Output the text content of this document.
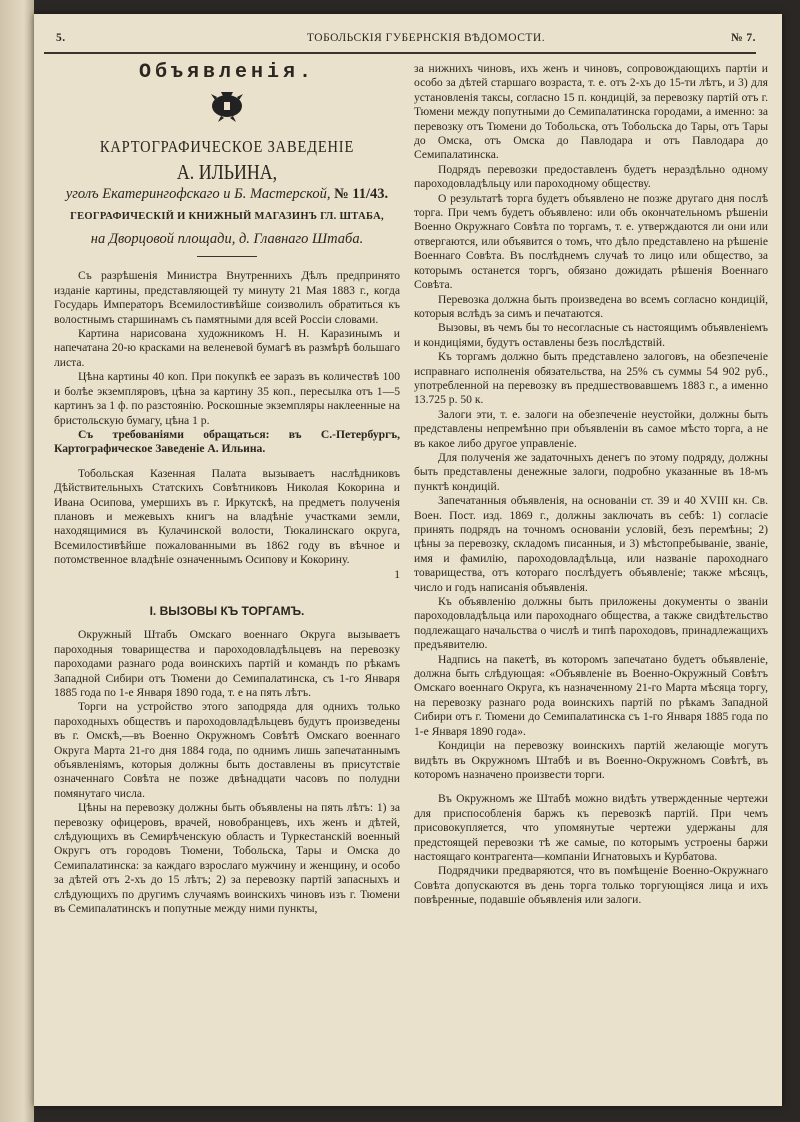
5.	ТОБОЛЬСКІЯ ГУБЕРНСКІЯ ВѢДОМОСТИ.	№ 7.
Объявленія.
КАРТОГРАФИЧЕСКОЕ ЗАВЕДЕНІЕ
А. ИЛЬИНА,
уголъ Екатерингофскаго и Б. Мастерской, № 11/43.
ГЕОГРАФИЧЕСКІЙ И КНИЖНЫЙ МАГАЗИНЪ ГЛ. ШТАБА,
на Дворцовой площади, д. Главнаго Штаба.

Съ разрѣшенія Министра Внутреннихъ Дѣлъ предпринято изданіе картины, представляющей ту минуту 21 Мая 1883 г., когда Государь Императоръ Всемилостивѣйше соизволилъ обратиться къ волостнымъ старшинамъ съ памятными для всей Россіи словами.

Картина нарисована художникомъ Н. Н. Каразинымъ и напечатана 20-ю красками на веленевой бумагѣ въ размѣрѣ большаго листа.

Цѣна картины 40 коп. При покупкѣ ее заразъ въ количествѣ 100 и болѣе экземпляровъ, цѣна за картину 35 коп., пересылка отъ 1—5 картинъ за 1 ф. по разстоянію. Роскошные экземпляры наклеенные на бристольскую бумагу, цѣна 1 р.

Съ требованіями обращаться: въ С.-Петербургъ, Картографическое Заведеніе А. Ильина.

Тобольская Казенная Палата вызываетъ наслѣдниковъ Дѣйствительныхъ Статскихъ Совѣтниковъ Николая Кокорина и Ивана Осипова, умершихъ въ г. Иркутскѣ, на предметъ полученія плановъ и межевыхъ книгъ на владѣніе участками земли, находящимися въ Кулачинской волости, Тюкалинскаго округа, Всемилостивѣйше пожалованными въ 1862 году въ вѣчное и потомственное владѣніе означеннымъ Осипову и Кокорину.

1
I. ВЫЗОВЫ КЪ ТОРГАМЪ.

Окружный Штабъ Омскаго военнаго Округа вызываетъ пароходныя товарищества и пароходовладѣльцевъ на перевозку пароходами разнаго рода воинскихъ партій и командъ по рѣкамъ Западной Сибири отъ Тюмени до Семипалатинска, съ 1-го Января 1885 года по 1-е Января 1890 года, т. е на пять лѣтъ.

Торги на устройство этого заподряда для однихъ только пароходныхъ обществъ и пароходовладѣльцевъ будутъ произведены въ г. Омскѣ,—въ Военно Окружномъ Совѣтѣ Омскаго военнаго Округа Марта 21-го дня 1884 года, по однимъ лишь запечатаннымъ объявленіямъ, которыя должны быть доставлены въ присутствіе означеннаго Совѣта не позже двѣнадцати часовъ по полудни помянутаго числа.

Цѣны на перевозку должны быть объявлены на пять лѣтъ: 1) за перевозку офицеровъ, врачей, новобранцевъ, ихъ женъ и дѣтей, слѣдующихъ въ Семирѣченскую область и Туркестанскій военный Округъ отъ городовъ Тюмени, Тобольска, Тары и Омска до Семипалатинска: за каждаго взрослаго мужчину и женщину, и особо за дѣтей отъ 2-хъ до 15 лѣтъ; 2) за перевозку партій запасныхъ и слѣдующихъ по другимъ случаямъ воинскихъ чиновъ изъ г. Тюмени въ Семипалатинскъ и попутные между ними пункты,

за нижнихъ чиновъ, ихъ женъ и чиновъ, сопровождающихъ партіи и особо за дѣтей старшаго возраста, т. е. отъ 2-хъ до 15-ти лѣтъ, и 3) для установленія таксы, согласно 15 п. кондицій, за перевозку партій отъ г. Тюмени между попутными до Семипалатинска городами, а именно: за перевозку отъ Тюмени до Тобольска, отъ Тобольска до Тары, отъ Тары до Омска, отъ Омска до Павлодара и отъ Павлодара до Семипалатинска.

Подрядъ перевозки предоставленъ будетъ нераздѣльно одному пароходовладѣльцу или пароходному обществу.

О результатѣ торга будетъ объявлено не позже другаго дня послѣ торга. При чемъ будетъ объявлено: или объ окончательномъ рѣшеніи Военно Окружнаго Совѣта по торгамъ, т. е. утверждаются ли они или отвергаются, или объявится о томъ, что дѣло представлено на рѣшеніе Военнаго Совѣта. Въ послѣднемъ случаѣ то лицо или общество, за которымъ останется торгъ, обязано дожидать рѣшенія Военнаго Совѣта.

Перевозка должна быть произведена во всемъ согласно кондицій, которыя вслѣдъ за симъ и печатаются.

Вызовы, въ чемъ бы то несогласные съ настоящимъ объявленіемъ и кондиціями, будутъ оставлены безъ послѣдствій.

Къ торгамъ должно быть представлено залоговъ, на обезпеченіе исправнаго исполненія обязательства, на 25% съ суммы 54 902 руб., употребленной на перевозку въ предшествовавшемъ 1883 г., а именно 13.725 р. 50 к.

Залоги эти, т. е. залоги на обезпеченіе неустойки, должны быть представлены непремѣнно при объявленіи въ самое мѣсто торга, а не въ какое либо другое управленіе.

Для полученія же задаточныхъ денегъ по этому подряду, должны быть представлены денежные залоги, подробно указанные въ 18-мъ пунктѣ кондицій.

Запечатанныя объявленія, на основаніи ст. 39 и 40 XVIII кн. Св. Воен. Пост. изд. 1869 г., должны заключать въ себѣ: 1) согласіе принять подрядъ на точномъ основаніи условій, безъ перемѣны; 2) цѣны за перевозку, складомъ писанныя, и 3) мѣстопребываніе, званіе, имя и фамилію, пароходовладѣльца, или названіе пароходнаго товарищества, отъ котораго послѣдуетъ объявленіе; также мѣсяцъ, число и годъ написанія объявленія.

Къ объявленію должны быть приложены документы о званіи пароходовладѣльца или пароходнаго общества, а также свидѣтельство подлежащаго начальства о числѣ и типѣ пароходовъ, принадлежащихъ предъявителю.

Надпись на пакетѣ, въ которомъ запечатано будетъ объявленіе, должна быть слѣдующая: «Объявленіе въ Военно-Окружный Совѣтъ Омскаго военнаго Округа, къ назначенному 21-го Марта мѣсяца торгу, на перевозку разнаго рода воинскихъ партій по рѣкамъ Западной Сибири отъ г. Тюмени до Семипалатинска съ 1-го Января 1885 года по 1-е Января 1890 года».

Кондиціи на перевозку воинскихъ партій желающіе могутъ видѣть въ Окружномъ Штабѣ и въ Военно-Окружномъ Совѣтѣ, въ которомъ назначено произвести торги.

Въ Окружномъ же Штабѣ можно видѣть утвержденные чертежи для приспособленія баржъ къ перевозкѣ партій. При чемъ присовокупляется, что упомянутые чертежи удержаны для предстоящей перевозки тѣ же самые, по которымъ устроены баржи настоящаго контрагента—компаніи Игнатовыхъ и Курбатова.

Подрядчики предваряются, что въ помѣщеніе Военно-Окружнаго Совѣта допускаются въ день торга только торгующіяся лица и ихъ повѣренные, подавшіе объявленія или залоги.
